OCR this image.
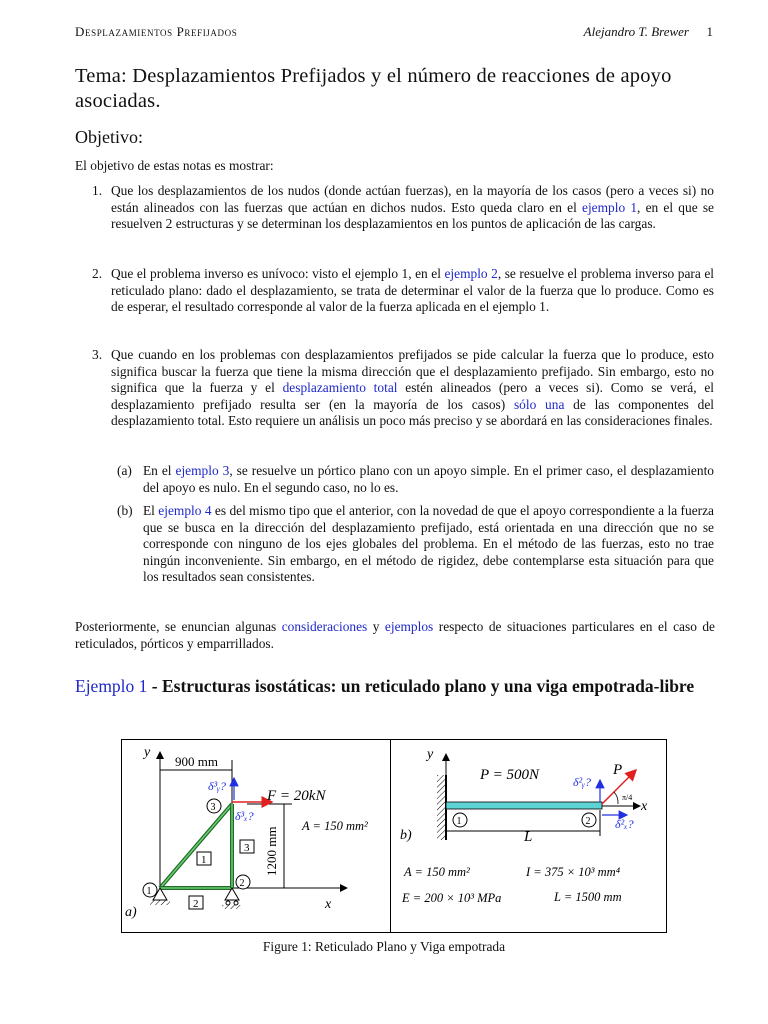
Desplazamientos Prefijados	Alejandro T. Brewer 1
Tema: Desplazamientos Prefijados y el número de reacciones de apoyo asociadas.
Objetivo:
El objetivo de estas notas es mostrar:
1. Que los desplazamientos de los nudos (donde actúan fuerzas), en la mayoría de los casos (pero a veces si) no están alineados con las fuerzas que actúan en dichos nudos. Esto queda claro en el ejemplo 1, en el que se resuelven 2 estructuras y se determinan los desplazamientos en los puntos de aplicación de las cargas.
2. Que el problema inverso es unívoco: visto el ejemplo 1, en el ejemplo 2, se resuelve el problema inverso para el reticulado plano: dado el desplazamiento, se trata de determinar el valor de la fuerza que lo produce. Como es de esperar, el resultado corresponde al valor de la fuerza aplicada en el ejemplo 1.
3. Que cuando en los problemas con desplazamientos prefijados se pide calcular la fuerza que lo produce, esto significa buscar la fuerza que tiene la misma dirección que el desplazamiento prefijado. Sin embargo, esto no significa que la fuerza y el desplazamiento total estén alineados (pero a veces si). Como se verá, el desplazamiento prefijado resulta ser (en la mayoría de los casos) sólo una de las componentes del desplazamiento total. Esto requiere un análisis un poco más preciso y se abordará en las consideraciones finales.
(a) En el ejemplo 3, se resuelve un pórtico plano con un apoyo simple. En el primer caso, el desplazamiento del apoyo es nulo. En el segundo caso, no lo es.
(b) El ejemplo 4 es del mismo tipo que el anterior, con la novedad de que el apoyo correspondiente a la fuerza que se busca en la dirección del desplazamiento prefijado, está orientada en una dirección que no se corresponde con ninguno de los ejes globales del problema. En el método de las fuerzas, esto no trae ningún inconveniente. Sin embargo, en el método de rigidez, debe contemplarse esta situación para que los resultados sean consistentes.
Posteriormente, se enuncian algunas consideraciones y ejemplos respecto de situaciones particulares en el caso de reticulados, pórticos y emparrillados.
Ejemplo 1 - Estructuras isostáticas: un reticulado plano y una viga empotrada-libre
y
x
900 mm
1200 mm
1
2
3
1
2
3
F = 20kN
δ³ᵧ?
δ³ₓ?
A = 150 mm²
a)
y
x
1	2
L
P = 500N	P
π/4
δ²ᵧ?
δ²ₓ?
b)
A = 150 mm²	I = 375 × 10³ mm⁴
E = 200 × 10³ MPa	L = 1500 mm
Figure 1: Reticulado Plano y Viga empotrada
